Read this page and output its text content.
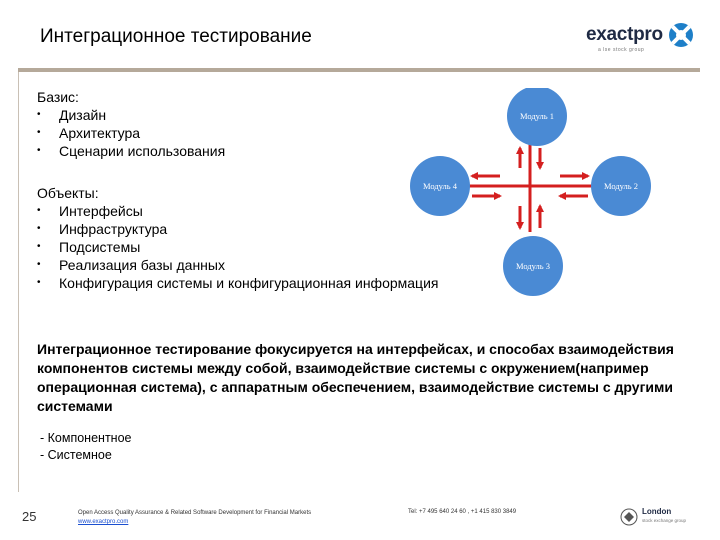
Интеграционное тестирование	exactpro
a lse stock group
Базис:
• Дизайн
• Архитектура
• Сценарии использования
Объекты:
• Интерфейсы
• Инфраструктура
• Подсистемы
• Реализация базы данных
• Конфигурация системы и конфигурационная информация
Модуль 1
Модуль 2
Модуль 3
Модуль 4
Интеграционное тестирование фокусируется на интерфейсах, и способах взаимодействия компонентов системы между собой, взаимодействие системы с окружением(например операционная система), с аппаратным обеспечением, взаимодействие системы с другими системами
- Компонентное
- Системное
25	Open Access Quality Assurance & Related Software Development for Financial Markets
www.exactpro.com
Tel: +7 495 640 24 60 , +1 415 830 3849	London
stock exchange group
